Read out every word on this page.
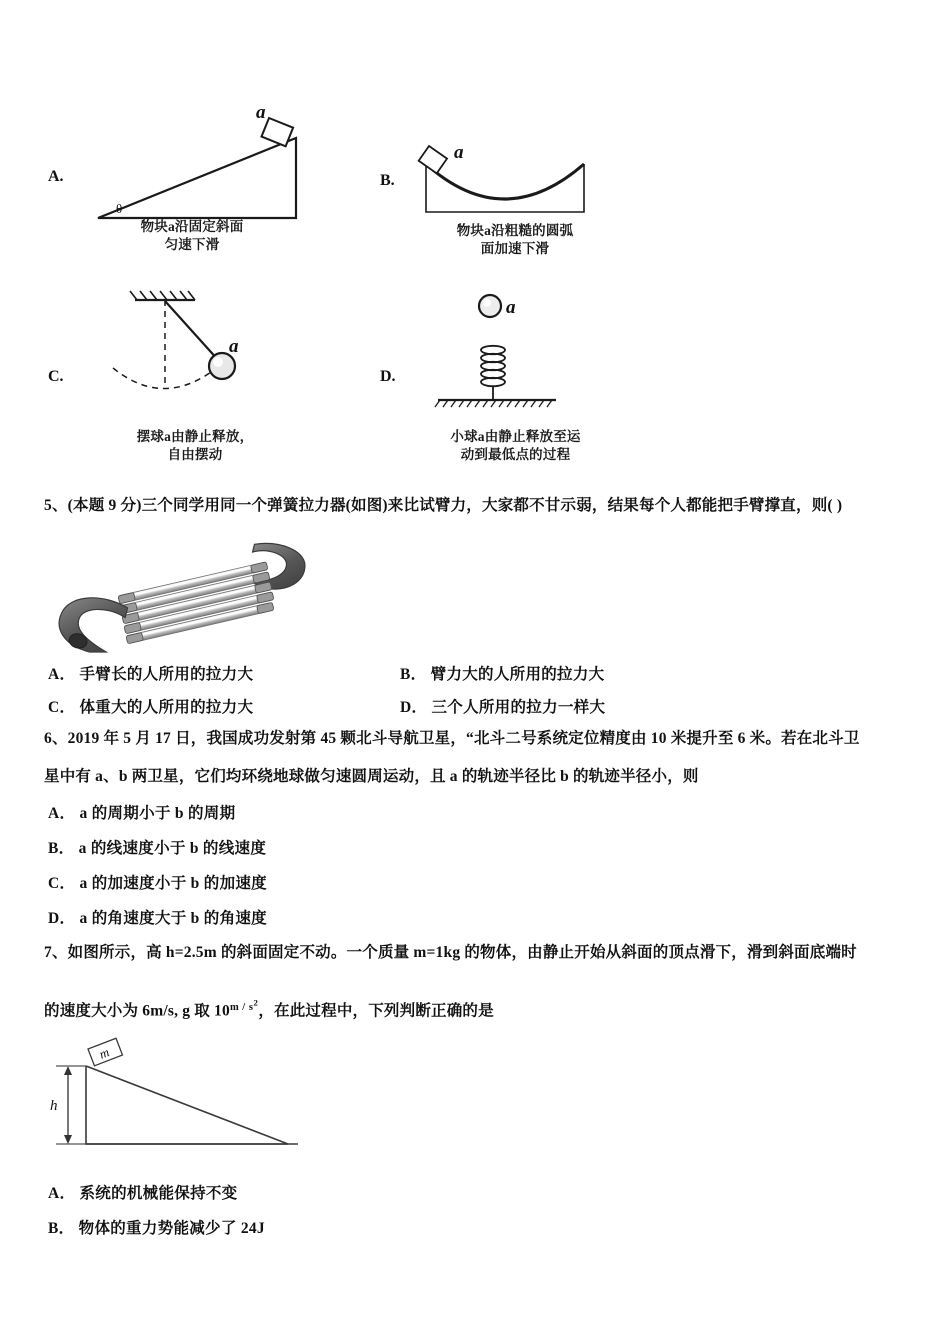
A.
a
θ
物块a沿固定斜面
匀速下滑
B.
a
物块a沿粗糙的圆弧
面加速下滑
C.
a
摆球a由静止释放，
自由摆动
D.
a
小球a由静止释放至运
动到最低点的过程
5、(本题 9 分)三个同学用同一个弹簧拉力器(如图)来比试臂力，大家都不甘示弱，结果每个人都能把手臂撑直，则( )
A． 手臂长的人所用的拉力大	B． 臂力大的人所用的拉力大
C． 体重大的人所用的拉力大	D． 三个人所用的拉力一样大
6、2019 年 5 月 17 日，我国成功发射第 45 颗北斗导航卫星，“北斗二号系统定位精度由 10 米提升至 6 米。若在北斗卫
星中有 a、b 两卫星，它们均环绕地球做匀速圆周运动，且 a 的轨迹半径比 b 的轨迹半径小，则
A． a 的周期小于 b 的周期
B． a 的线速度小于 b 的线速度
C． a 的加速度小于 b 的加速度
D． a 的角速度大于 b 的角速度
7、如图所示，高 h=2.5m 的斜面固定不动。一个质量 m=1kg 的物体，由静止开始从斜面的顶点滑下，滑到斜面底端时
的速度大小为 6m/s, g 取 $10^{m / s^2}$，在此过程中，下列判断正确的是
h
m
A． 系统的机械能保持不变
B． 物体的重力势能减少了 24J
